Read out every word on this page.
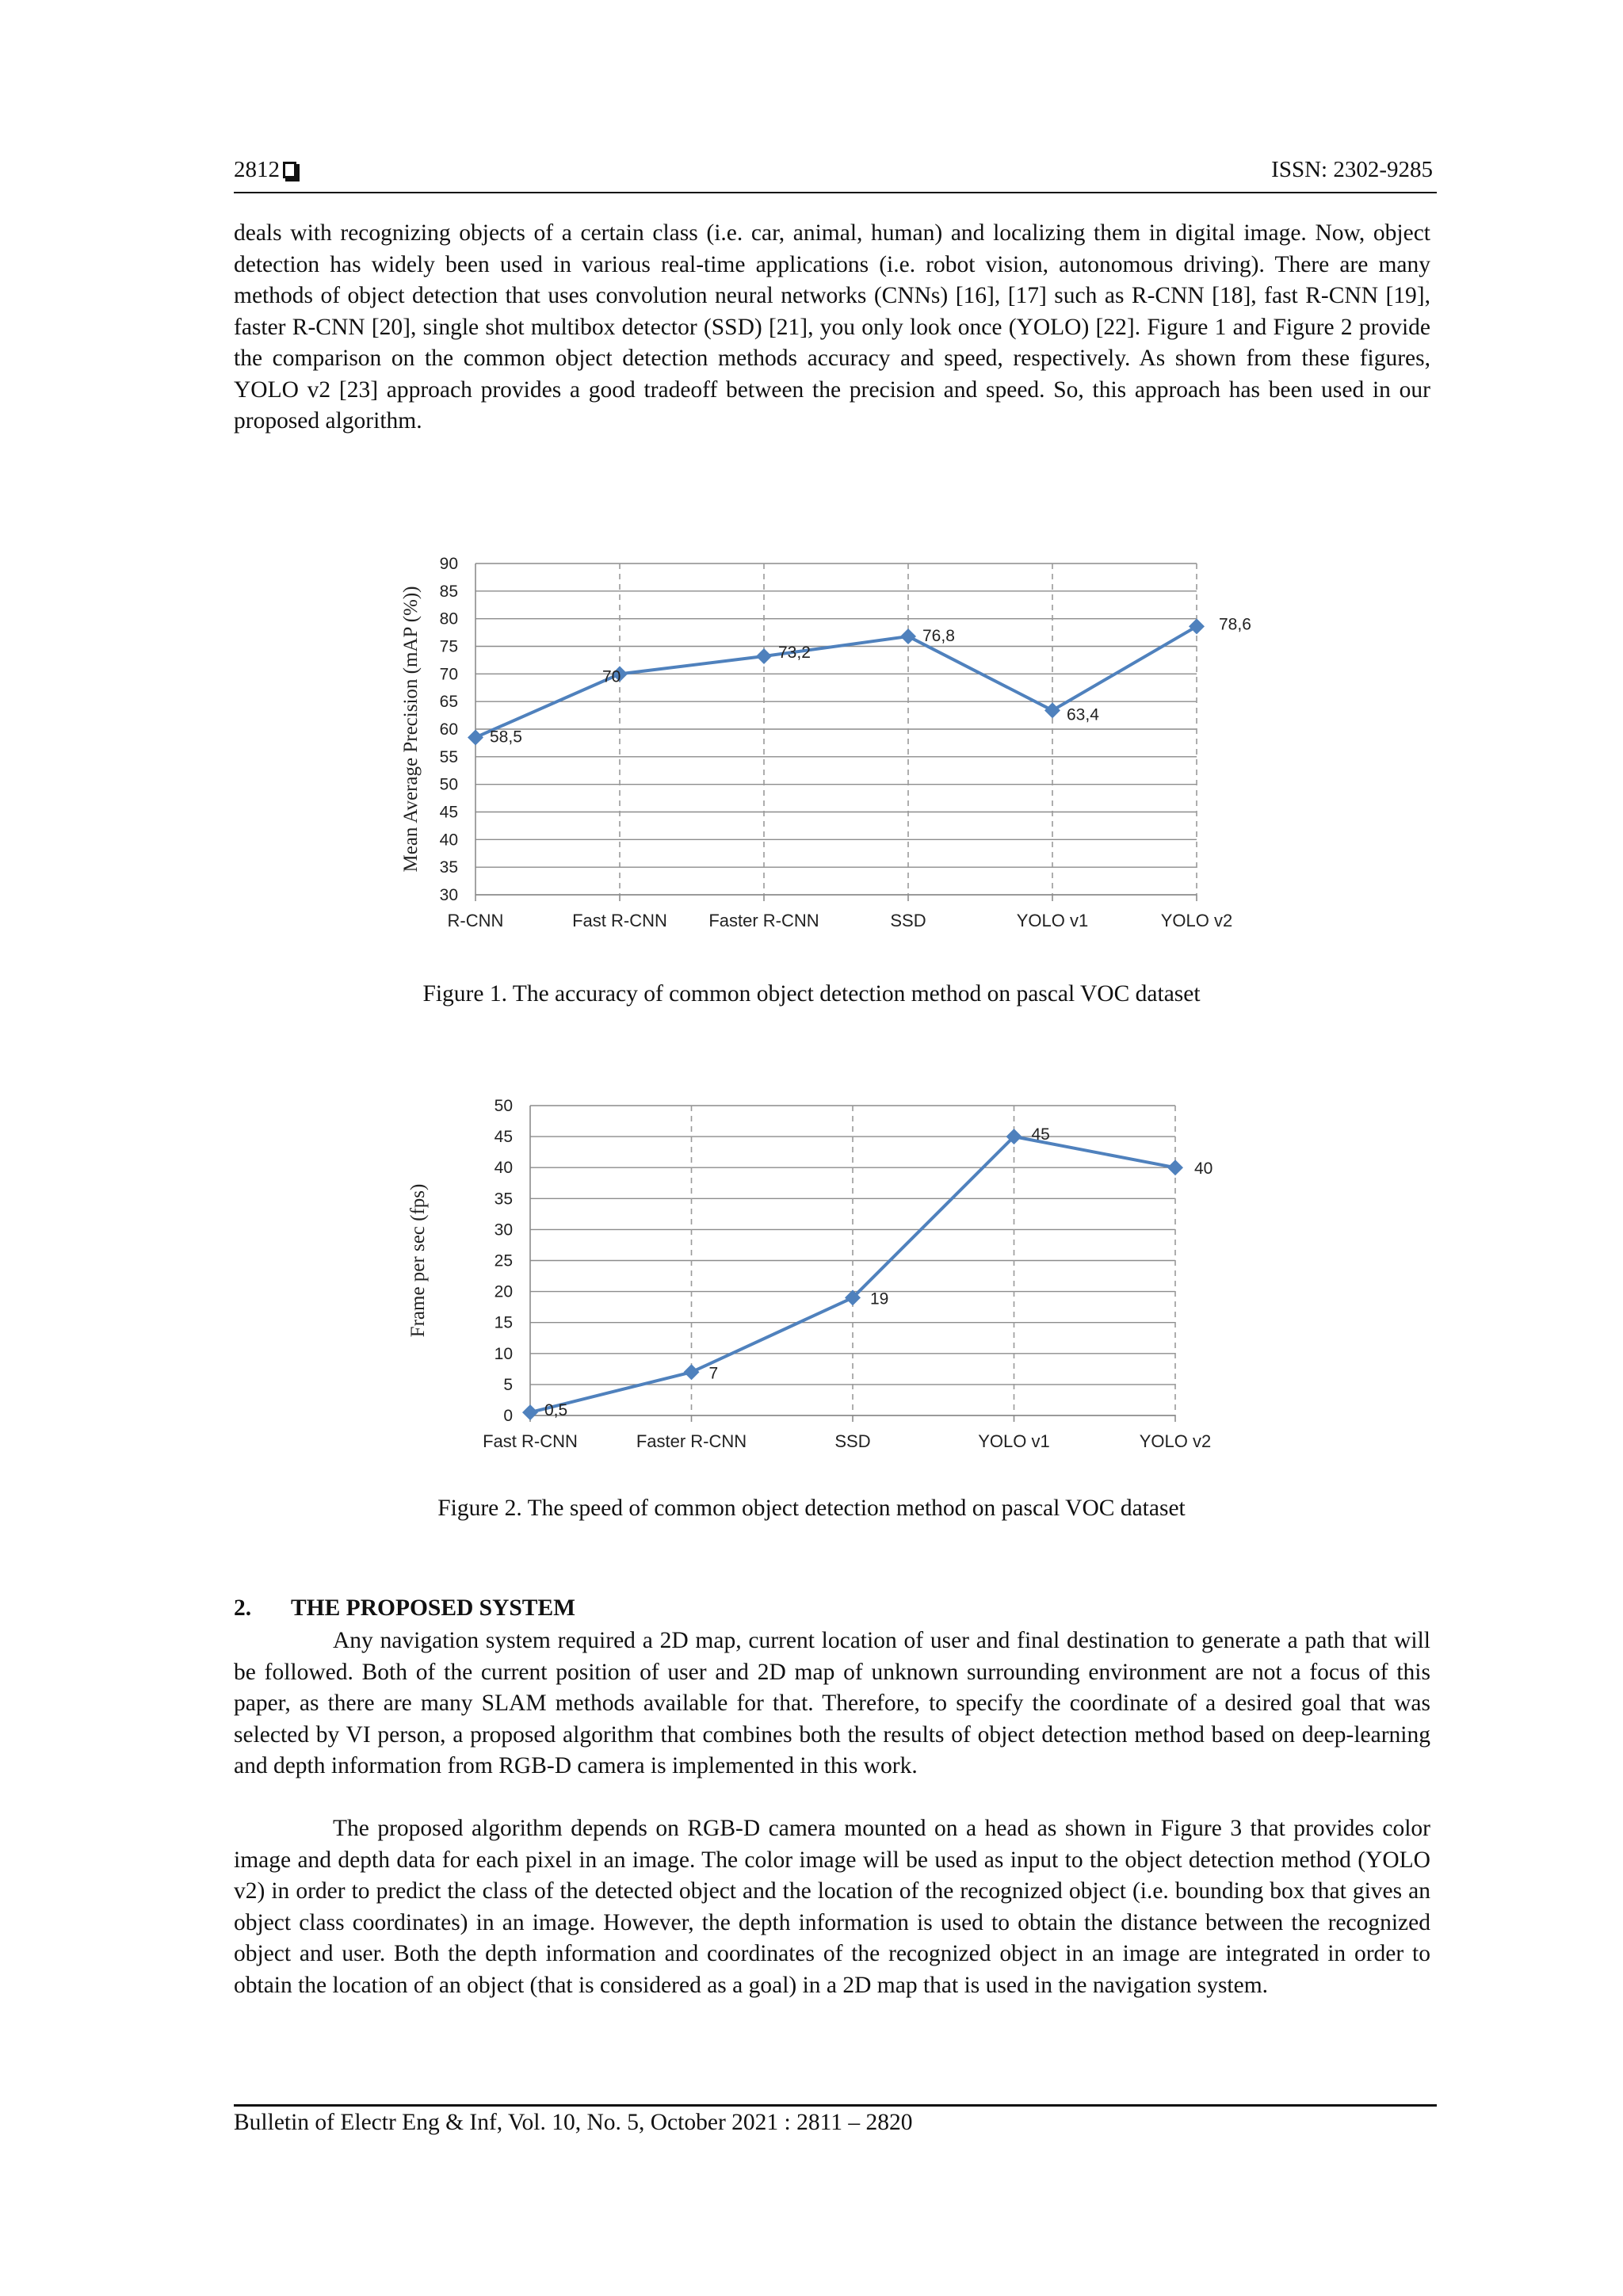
2812	ISSN: 2302-9285

deals with recognizing objects of a certain class (i.e. car, animal, human) and localizing them in digital image. Now, object detection has widely been used in various real-time applications (i.e. robot vision, autonomous driving). There are many methods of object detection that uses convolution neural networks (CNNs) [16], [17] such as R-CNN [18], fast R-CNN [19], faster R-CNN [20], single shot multibox detector (SSD) [21], you only look once (YOLO) [22]. Figure 1 and Figure 2 provide the comparison on the common object detection methods accuracy and speed, respectively. As shown from these figures, YOLO v2 [23] approach provides a good tradeoff between the precision and speed. So, this approach has been used in our proposed algorithm.

30
35
40
45
50
55
60
65
70
75
80
85
90
R-CNN	Fast R-CNN Faster R-CNN	SSD	YOLO v1	YOLO v2
58,5
70
73,2
76,8
63,4
78,6
Mean Average Precision (mAP (%))
Figure 1. The accuracy of common object detection method on pascal VOC dataset
0
5
10
15
20
25
30
35
40
45
50
Fast R-CNN	Faster R-CNN	SSD	YOLO v1	YOLO v2
0,5
7
19
45
40
Frame per sec (fps)
Figure 2. The speed of common object detection method on pascal VOC dataset
2. THE PROPOSED SYSTEM

Any navigation system required a 2D map, current location of user and final destination to generate a path that will be followed. Both of the current position of user and 2D map of unknown surrounding environment are not a focus of this paper, as there are many SLAM methods available for that. Therefore, to specify the coordinate of a desired goal that was selected by VI person, a proposed algorithm that combines both the results of object detection method based on deep-learning and depth information from RGB-D camera is implemented in this work.

The proposed algorithm depends on RGB-D camera mounted on a head as shown in Figure 3 that provides color image and depth data for each pixel in an image. The color image will be used as input to the object detection method (YOLO v2) in order to predict the class of the detected object and the location of the recognized object (i.e. bounding box that gives an object class coordinates) in an image. However, the depth information is used to obtain the distance between the recognized object and user. Both the depth information and coordinates of the recognized object in an image are integrated in order to obtain the location of an object (that is considered as a goal) in a 2D map that is used in the navigation system.

Bulletin of Electr Eng & Inf, Vol. 10, No. 5, October 2021 : 2811 – 2820
